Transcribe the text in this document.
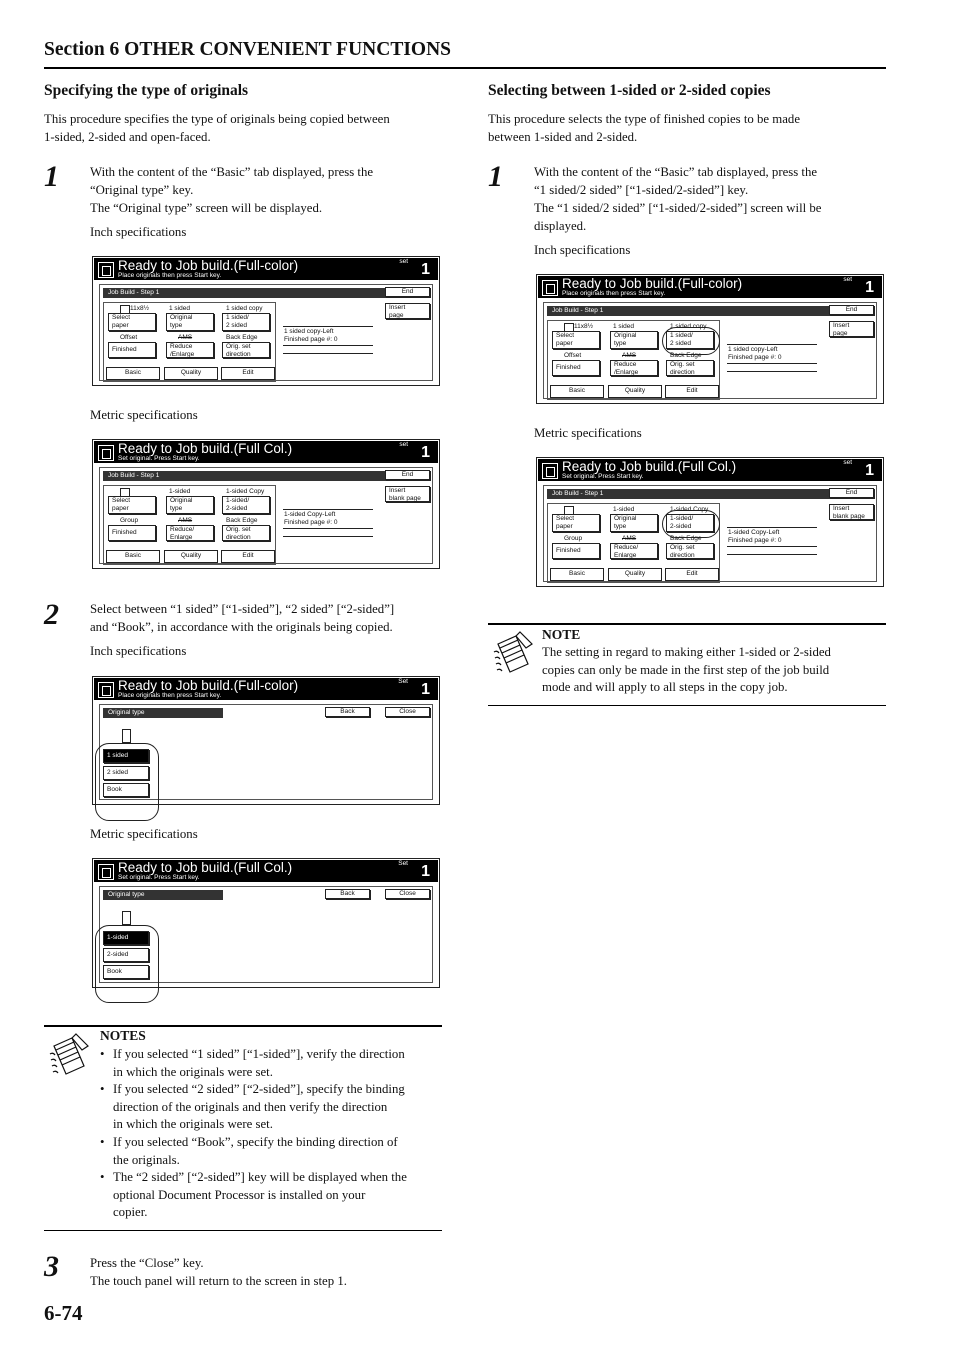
Section 6 OTHER CONVENIENT FUNCTIONS
Specifying the type of originals
This procedure specifies the type of originals being copied between
1-sided, 2-sided and open-faced.
1 With the content of the “Basic” tab displayed, press the
“Original type” key.
The “Original type” screen will be displayed.
Inch specifications
Ready to Job build.(Full-color)
Place originals then press Start key.
set 1
Job Build - Step 1	End
11x8½	1 sided	1 sided copy
Select
paper
Original
type
1 sided/
2 sided
Offset	AMS	Back Edge
Finished	Reduce
/Enlarge
Orig. set
direction
Basic	Quality	Edit
1 sided copy-Left
Finished page #: 0
Insert
page
Metric specifications
Ready to Job build.(Full Col.)
Set original. Press Start key.
set 1
Job Build - Step 1	End
1-sided	1-sided Copy
Select
paper
Original
type
1-sided/
2-sided
Group	AMS	Back Edge
Finished	Reduce/
Enlarge
Orig. set
direction
Basic	Quality	Edit
1-sided Copy-Left
Finished page #: 0
Insert
blank page
2 Select between “1 sided” [“1-sided”], “2 sided” [“2-sided”]
and “Book”, in accordance with the originals being copied.
Inch specifications
Ready to Job build.(Full-color)
Place originals then press Start key.
Set 1
Original type	Back	Close
1 sided
2 sided
Book
Metric specifications
Ready to Job build.(Full Col.)
Set original. Press Start key.
Set 1
Original type	Back	Close
1-sided
2-sided
Book
NOTES
• If you selected “1 sided” [“1-sided”], verify the direction
in which the originals were set.
• If you selected “2 sided” [“2-sided”], specify the binding
direction of the originals and then verify the direction
in which the originals were set.
• If you selected “Book”, specify the binding direction of
the originals.
• The “2 sided” [“2-sided”] key will be displayed when the
optional Document Processor is installed on your
copier.
3 Press the “Close” key.
The touch panel will return to the screen in step 1.
6-74
Selecting between 1-sided or 2-sided copies
This procedure selects the type of finished copies to be made
between 1-sided and 2-sided.
1 With the content of the “Basic” tab displayed, press the
“1 sided/2 sided” [“1-sided/2-sided”] key.
The “1 sided/2 sided” [“1-sided/2-sided”] screen will be
displayed.
Inch specifications
Ready to Job build.(Full-color)
Place originals then press Start key.
set 1
Job Build - Step 1	End
11x8½	1 sided	1 sided copy
Select
paper
Original
type
1 sided/
2 sided
Offset	AMS	Back Edge
Finished	Reduce
/Enlarge
Orig. set
direction
Basic	Quality	Edit
1 sided copy-Left
Finished page #: 0
Insert
page
Metric specifications
Ready to Job build.(Full Col.)
Set original. Press Start key.
set 1
Job Build - Step 1	End
1-sided	1-sided Copy
Select
paper
Original
type
1-sided/
2-sided
Group	AMS	Back Edge
Finished	Reduce/
Enlarge
Orig. set
direction
Basic	Quality	Edit
1-sided Copy-Left
Finished page #: 0
Insert
blank page
NOTE
The setting in regard to making either 1-sided or 2-sided
copies can only be made in the first step of the job build
mode and will apply to all steps in the copy job.
